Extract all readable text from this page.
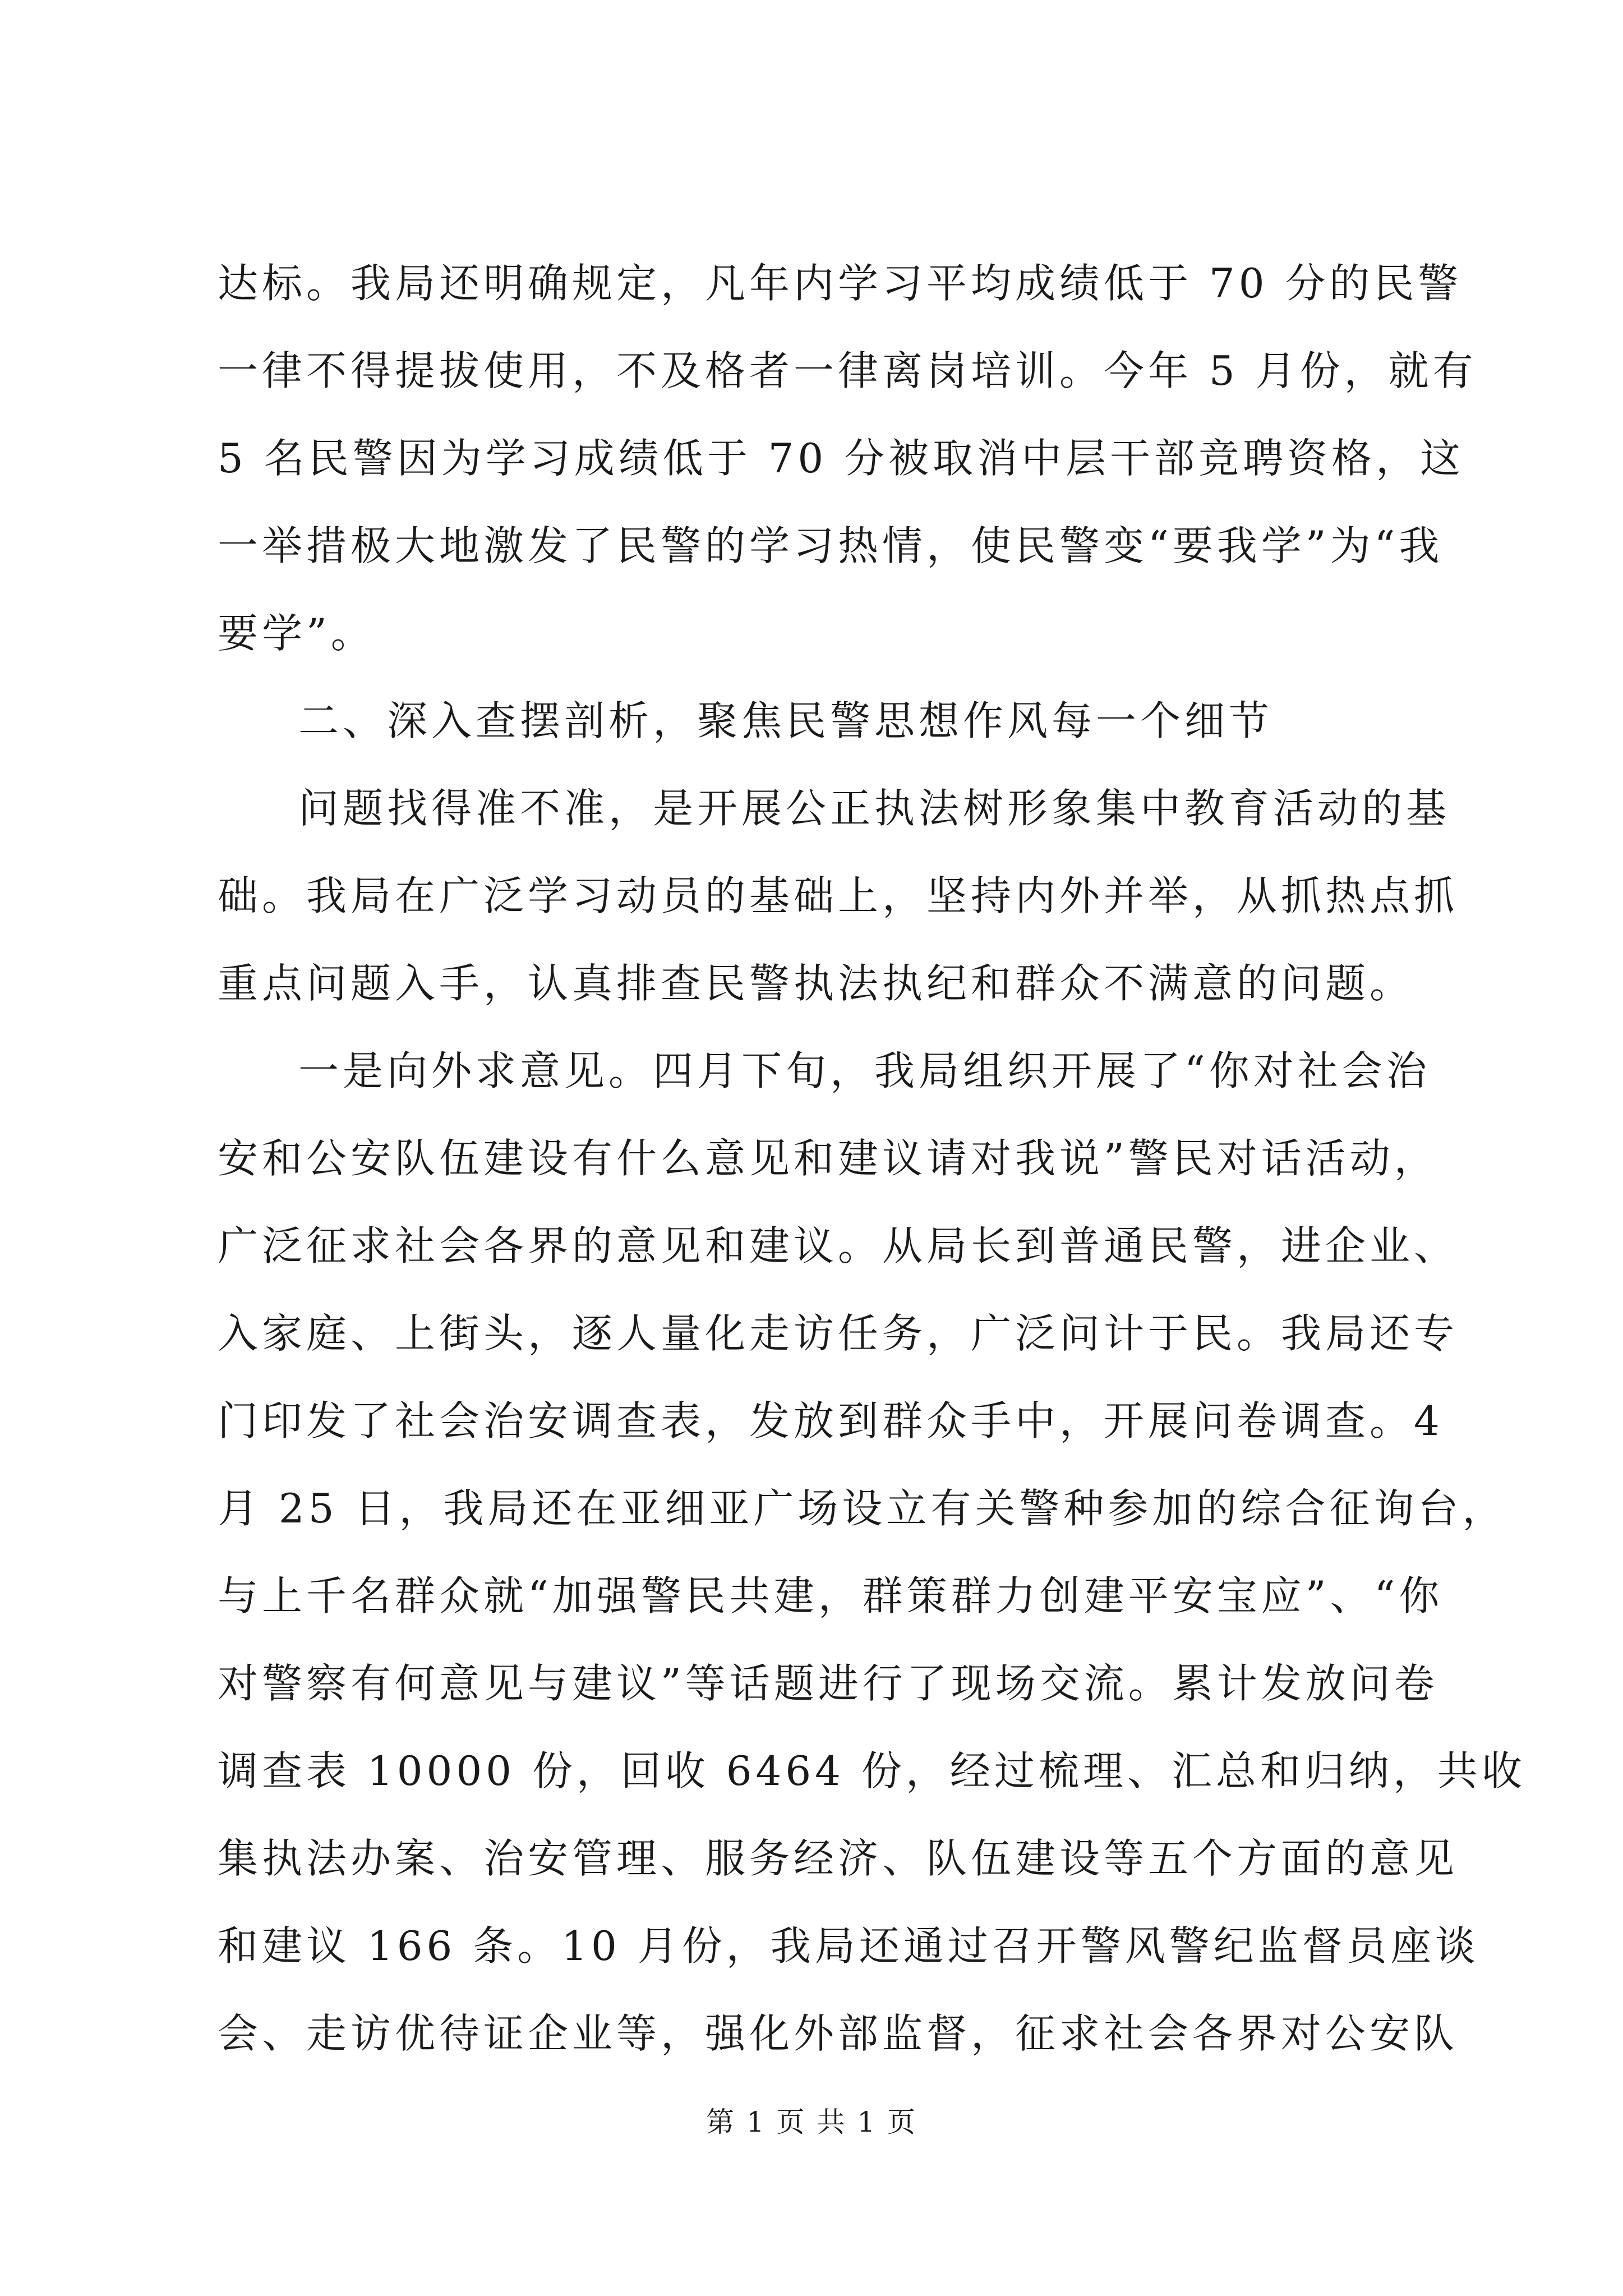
达标。我局还明确规定，凡年内学习平均成绩低于 70 分的民警
一律不得提拔使用，不及格者一律离岗培训。今年 5 月份，就有
5 名民警因为学习成绩低于 70 分被取消中层干部竞聘资格，这
一举措极大地激发了民警的学习热情，使民警变“要我学”为“我
要学”。
二、深入查摆剖析，聚焦民警思想作风每一个细节
问题找得准不准，是开展公正执法树形象集中教育活动的基
础。我局在广泛学习动员的基础上，坚持内外并举，从抓热点抓
重点问题入手，认真排查民警执法执纪和群众不满意的问题。
一是向外求意见。四月下旬，我局组织开展了“你对社会治
安和公安队伍建设有什么意见和建议请对我说”警民对话活动，
广泛征求社会各界的意见和建议。从局长到普通民警，进企业、
入家庭、上街头，逐人量化走访任务，广泛问计于民。我局还专
门印发了社会治安调查表，发放到群众手中，开展问卷调查。4
月 25 日，我局还在亚细亚广场设立有关警种参加的综合征询台，
与上千名群众就“加强警民共建，群策群力创建平安宝应”、“你
对警察有何意见与建议”等话题进行了现场交流。累计发放问卷
调查表 10000 份，回收 6464 份，经过梳理、汇总和归纳，共收
集执法办案、治安管理、服务经济、队伍建设等五个方面的意见
和建议 166 条。10 月份，我局还通过召开警风警纪监督员座谈
会、走访优待证企业等，强化外部监督，征求社会各界对公安队
第 1 页 共 1 页
